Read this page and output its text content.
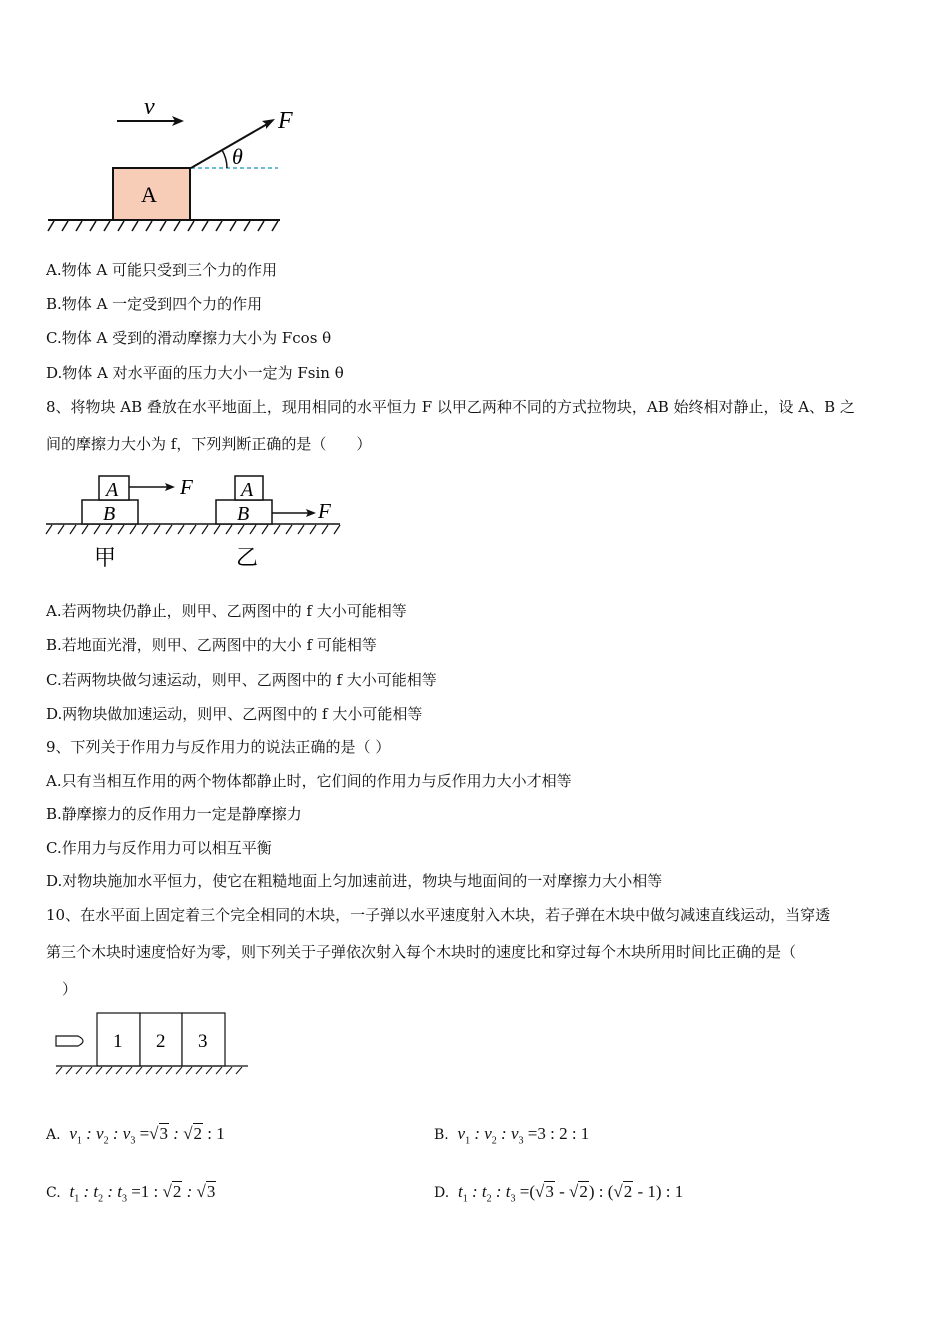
v
A
F
θ
A.物体 A 可能只受到三个力的作用
B.物体 A 一定受到四个力的作用
C.物体 A 受到的滑动摩擦力大小为 Fcos θ
D.物体 A 对水平面的压力大小一定为 Fsin θ
8、将物块 AB 叠放在水平地面上，现用相同的水平恒力 F 以甲乙两种不同的方式拉物块，AB 始终相对静止，设 A、B 之
间的摩擦力大小为 f，下列判断正确的是（　　）
A
B
F
甲
A
B	F
乙
A.若两物块仍静止，则甲、乙两图中的 f 大小可能相等
B.若地面光滑，则甲、乙两图中的大小 f 可能相等
C.若两物块做匀速运动，则甲、乙两图中的 f 大小可能相等
D.两物块做加速运动，则甲、乙两图中的 f 大小可能相等
9、下列关于作用力与反作用力的说法正确的是（ ）
A.只有当相互作用的两个物体都静止时，它们间的作用力与反作用力大小才相等
B.静摩擦力的反作用力一定是静摩擦力
C.作用力与反作用力可以相互平衡
D.对物块施加水平恒力，使它在粗糙地面上匀加速前进，物块与地面间的一对摩擦力大小相等
10、在水平面上固定着三个完全相同的木块，一子弹以水平速度射入木块，若子弹在木块中做匀减速直线运动，当穿透
第三个木块时速度恰好为零，则下列关于子弹依次射入每个木块时的速度比和穿过每个木块所用时间比正确的是（
）
1 2 3
A. $v_1$ : $v_2$ : $v_3 =√3$ : √2 : 1	B. $v_1$ : $v_2$ : $v_3 =3$ : 2 : 1
C. $t_1$ : $t_2$ : $t_3 =1$ : √2 : √3	D. $t_1$ : $t_2$ : $t_3 =(√3 - √2)$ : (√2 - 1) : 1
